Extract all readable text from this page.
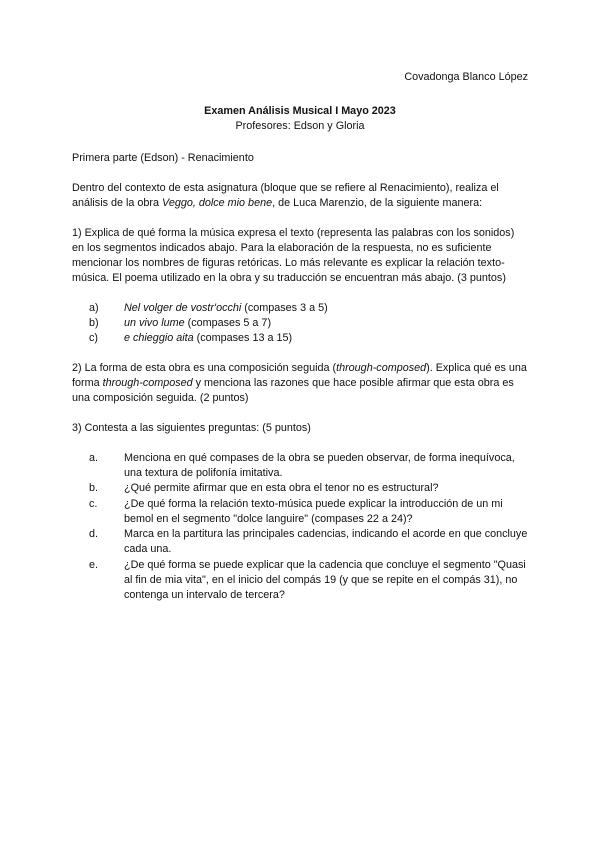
Covadonga Blanco López

Examen Análisis Musical I Mayo 2023

Profesores: Edson y Gloria

Primera parte (Edson) - Renacimiento

Dentro del contexto de esta asignatura (bloque que se refiere al Renacimiento), realiza el análisis de la obra Veggo, dolce mio bene, de Luca Marenzio, de la siguiente manera:

1) Explica de qué forma la música expresa el texto (representa las palabras con los sonidos) en los segmentos indicados abajo. Para la elaboración de la respuesta, no es suficiente mencionar los nombres de figuras retóricas. Lo más relevante es explicar la relación texto-música. El poema utilizado en la obra y su traducción se encuentran más abajo. (3 puntos)

a) Nel volger de vostr'occhi (compases 3 a 5)
b) un vivo lume (compases 5 a 7)
c) e chieggio aita (compases 13 a 15)

2) La forma de esta obra es una composición seguida (through-composed). Explica qué es una forma through-composed y menciona las razones que hace posible afirmar que esta obra es una composición seguida. (2 puntos)

3) Contesta a las siguientes preguntas: (5 puntos)

a. Menciona en qué compases de la obra se pueden observar, de forma inequívoca, una textura de polifonía imitativa.
b. ¿Qué permite afirmar que en esta obra el tenor no es estructural?
c. ¿De qué forma la relación texto-música puede explicar la introducción de un mi bemol en el segmento "dolce languire" (compases 22 a 24)?
d. Marca en la partitura las principales cadencias, indicando el acorde en que concluye cada una.
e. ¿De qué forma se puede explicar que la cadencia que concluye el segmento "Quasi al fin de mia vita", en el inicio del compás 19 (y que se repite en el compás 31), no contenga un intervalo de tercera?
